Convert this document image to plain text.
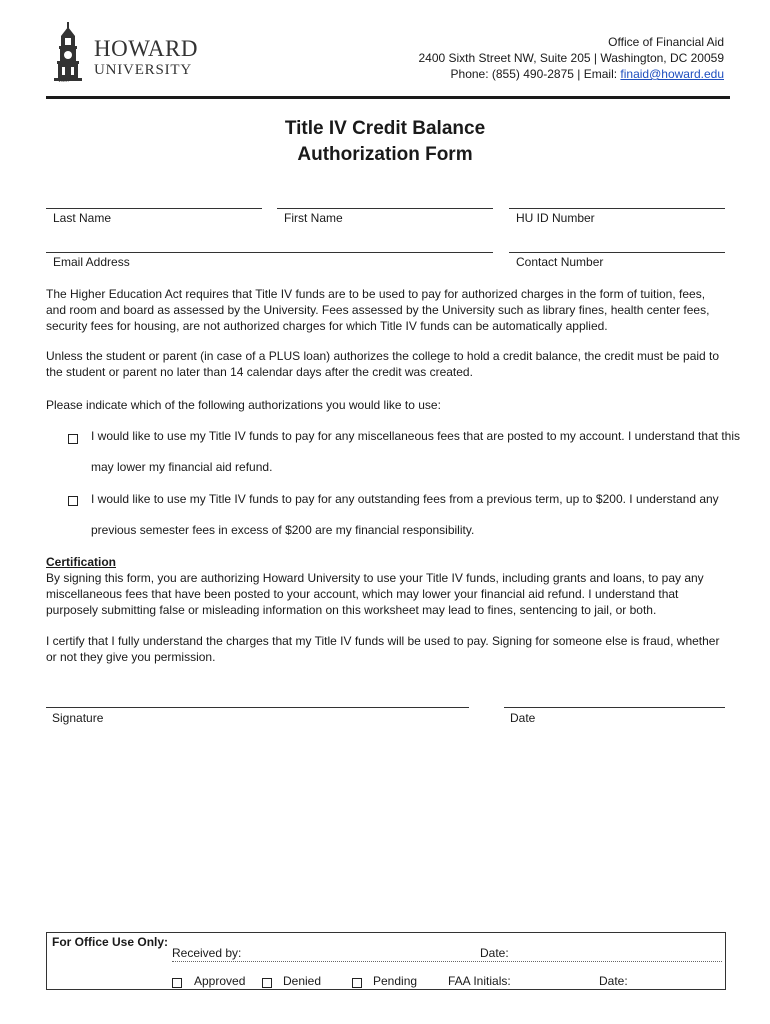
HOWARD
UNIVERSITY
1867
Office of Financial Aid
2400 Sixth Street NW, Suite 205 | Washington, DC 20059
Phone: (855) 490-2875 | Email: finaid@howard.edu
Title IV Credit Balance
Authorization Form
Last Name	First Name	HU ID Number
Email Address	Contact Number

The Higher Education Act requires that Title IV funds are to be used to pay for authorized charges in the form of tuition, fees, and room and board as assessed by the University. Fees assessed by the University such as library fines, health center fees, security fees for housing, are not authorized charges for which Title IV funds can be automatically applied.

Unless the student or parent (in case of a PLUS loan) authorizes the college to hold a credit balance, the credit must be paid to the student or parent no later than 14 calendar days after the credit was created.

Please indicate which of the following authorizations you would like to use:

I would like to use my Title IV funds to pay for any miscellaneous fees that are posted to my account. I understand that this
may lower my financial aid refund.
I would like to use my Title IV funds to pay for any outstanding fees from a previous term, up to $200. I understand any
previous semester fees in excess of $200 are my financial responsibility.
Certification

By signing this form, you are authorizing Howard University to use your Title IV funds, including grants and loans, to pay any miscellaneous fees that have been posted to your account, which may lower your financial aid refund. I understand that purposely submitting false or misleading information on this worksheet may lead to fines, sentencing to jail, or both.

I certify that I fully understand the charges that my Title IV funds will be used to pay. Signing for someone else is fraud, whether or not they give you permission.

Signature	Date
For Office Use Only:
Received by:	Date:
Approved	Denied	Pending	FAA Initials:	Date:
